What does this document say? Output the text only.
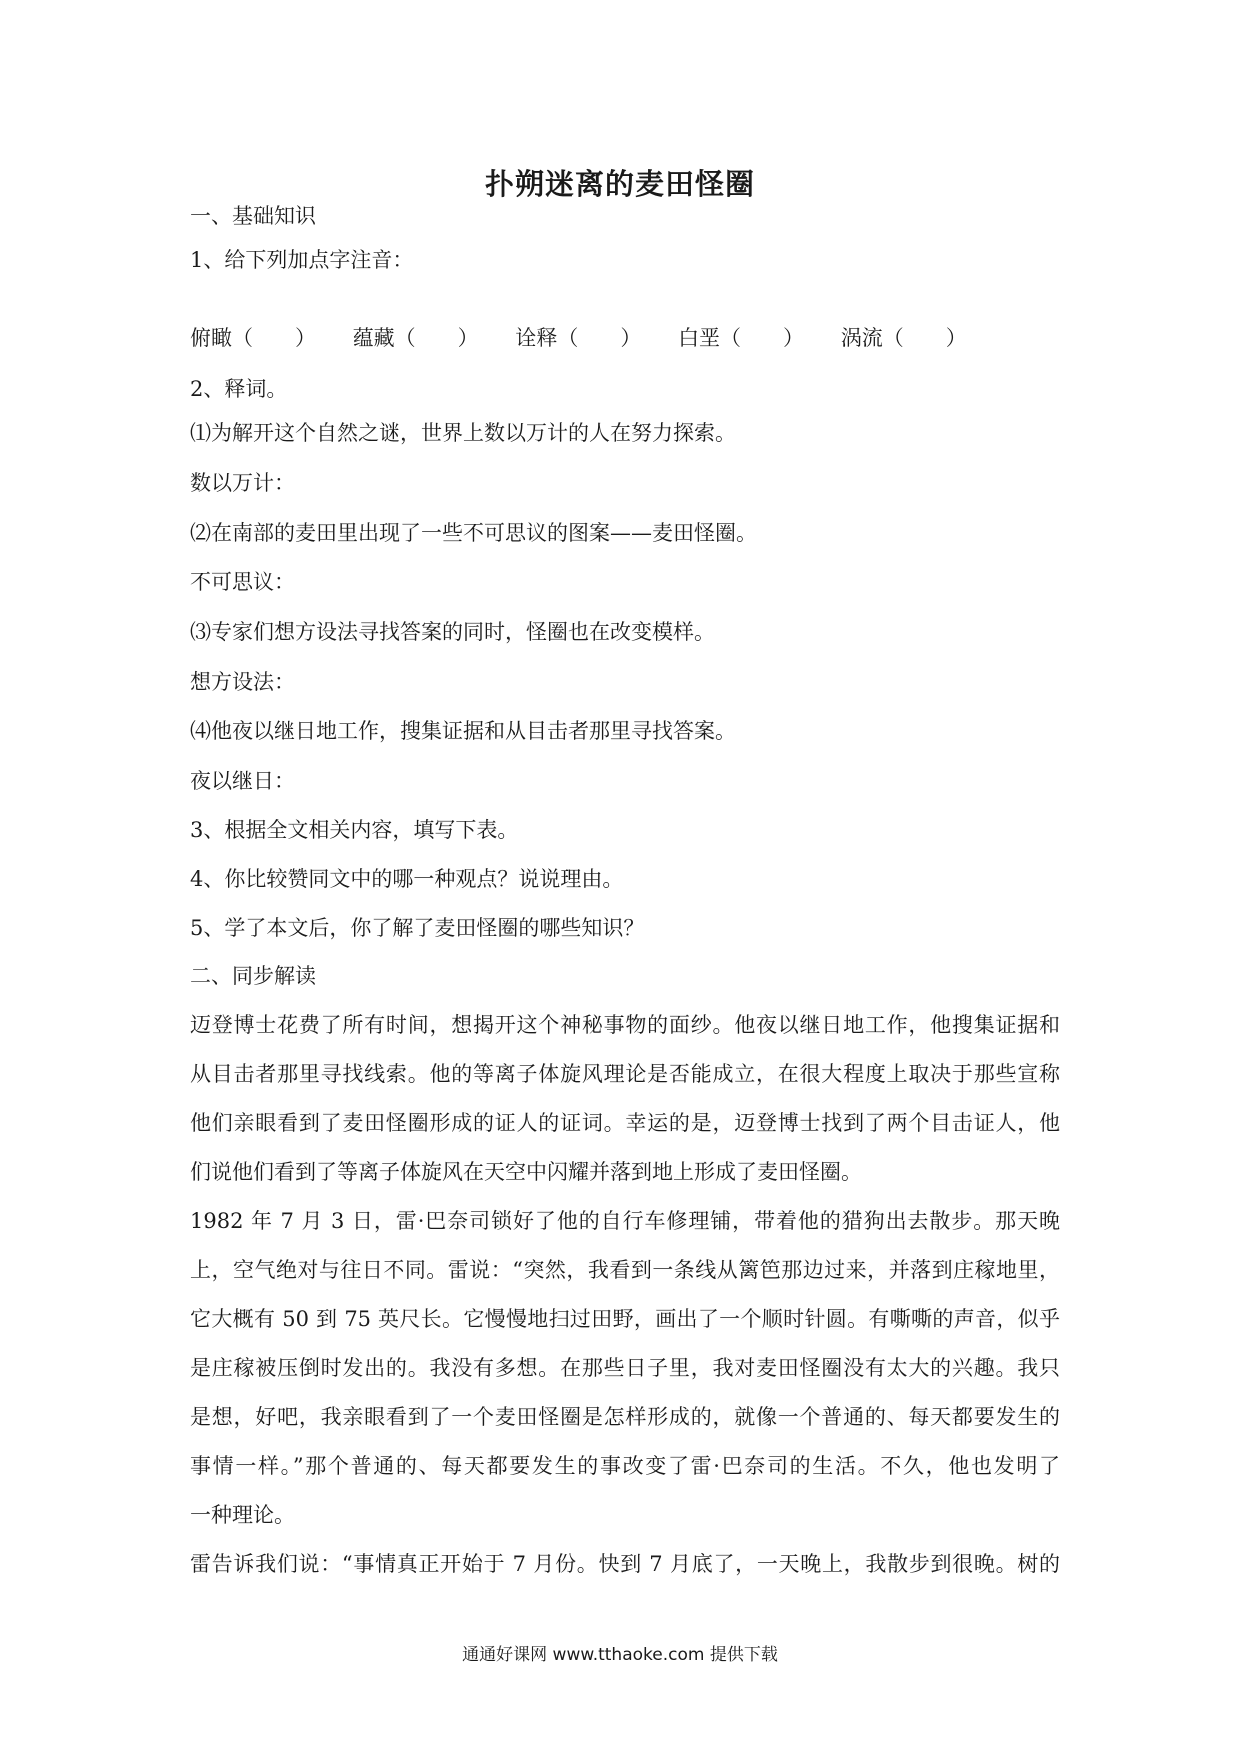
扑朔迷离的麦田怪圈
一、基础知识
1、给下列加点字注音：
俯瞰（　　） 蕴藏（　　） 诠释（　　） 白垩（　　） 涡流（　　）
2、释词。
⑴为解开这个自然之谜，世界上数以万计的人在努力探索。
数以万计：
⑵在南部的麦田里出现了一些不可思议的图案——麦田怪圈。
不可思议：
⑶专家们想方设法寻找答案的同时，怪圈也在改变模样。
想方设法：
⑷他夜以继日地工作，搜集证据和从目击者那里寻找答案。
夜以继日：
3、根据全文相关内容，填写下表。
4、你比较赞同文中的哪一种观点？说说理由。
5、学了本文后，你了解了麦田怪圈的哪些知识？
二、同步解读
迈登博士花费了所有时间，想揭开这个神秘事物的面纱。他夜以继日地工作，他搜集证据和
从目击者那里寻找线索。他的等离子体旋风理论是否能成立，在很大程度上取决于那些宣称
他们亲眼看到了麦田怪圈形成的证人的证词。幸运的是，迈登博士找到了两个目击证人，他
们说他们看到了等离子体旋风在天空中闪耀并落到地上形成了麦田怪圈。
1982 年 7 月 3 日，雷·巴奈司锁好了他的自行车修理铺，带着他的猎狗出去散步。那天晚
上，空气绝对与往日不同。雷说：“突然，我看到一条线从篱笆那边过来，并落到庄稼地里，
它大概有 50 到 75 英尺长。它慢慢地扫过田野，画出了一个顺时针圆。有嘶嘶的声音，似乎
是庄稼被压倒时发出的。我没有多想。在那些日子里，我对麦田怪圈没有太大的兴趣。我只
是想，好吧，我亲眼看到了一个麦田怪圈是怎样形成的，就像一个普通的、每天都要发生的
事情一样。”那个普通的、每天都要发生的事改变了雷·巴奈司的生活。不久，他也发明了
一种理论。
雷告诉我们说：“事情真正开始于 7 月份。快到 7 月底了，一天晚上，我散步到很晚。树的
通通好课网 www.tthaoke.com 提供下载
